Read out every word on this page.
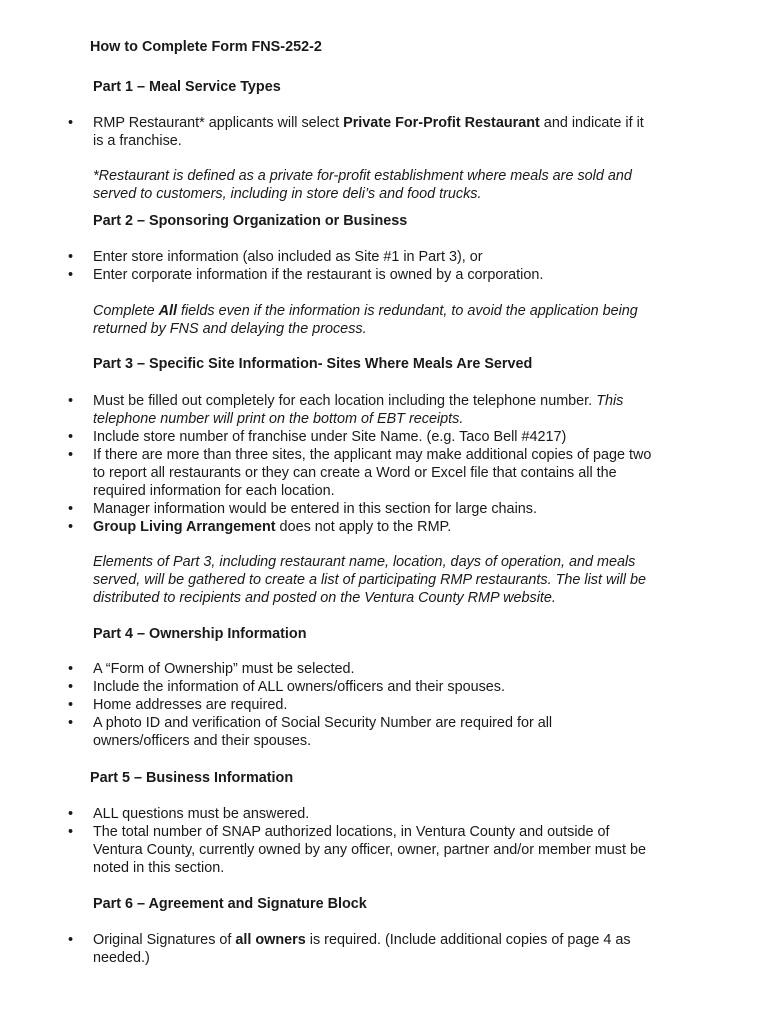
How to Complete Form FNS-252-2
Part 1 – Meal Service Types
• RMP Restaurant* applicants will select Private For-Profit Restaurant and indicate if it
is a franchise.
*Restaurant is defined as a private for-profit establishment where meals are sold and
served to customers, including in store deli’s and food trucks.
Part 2 – Sponsoring Organization or Business
• Enter store information (also included as Site #1 in Part 3), or
• Enter corporate information if the restaurant is owned by a corporation.
Complete All fields even if the information is redundant, to avoid the application being
returned by FNS and delaying the process.
Part 3 – Specific Site Information- Sites Where Meals Are Served
• Must be filled out completely for each location including the telephone number. This
telephone number will print on the bottom of EBT receipts.
• Include store number of franchise under Site Name. (e.g. Taco Bell #4217)
• If there are more than three sites, the applicant may make additional copies of page two
to report all restaurants or they can create a Word or Excel file that contains all the
required information for each location.
• Manager information would be entered in this section for large chains.
• Group Living Arrangement does not apply to the RMP.
Elements of Part 3, including restaurant name, location, days of operation, and meals
served, will be gathered to create a list of participating RMP restaurants. The list will be
distributed to recipients and posted on the Ventura County RMP website.
Part 4 – Ownership Information
• A “Form of Ownership” must be selected.
• Include the information of ALL owners/officers and their spouses.
• Home addresses are required.
• A photo ID and verification of Social Security Number are required for all
owners/officers and their spouses.
Part 5 – Business Information
• ALL questions must be answered.
• The total number of SNAP authorized locations, in Ventura County and outside of
Ventura County, currently owned by any officer, owner, partner and/or member must be
noted in this section.
Part 6 – Agreement and Signature Block
• Original Signatures of all owners is required. (Include additional copies of page 4 as
needed.)
